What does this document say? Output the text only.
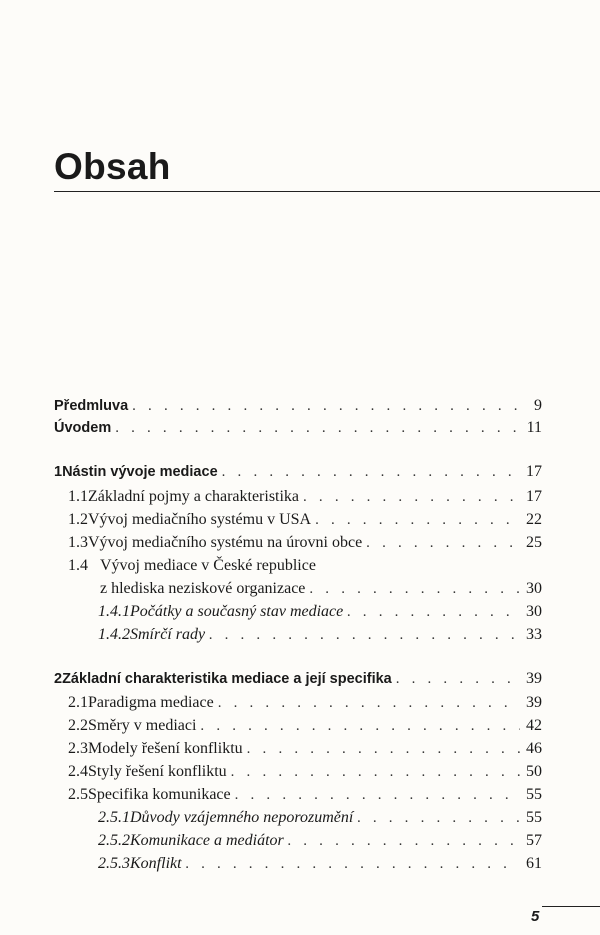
Obsah
Předmluva . . .	9
Úvodem . . .	11
1 Nástin vývoje mediace . . .	17
1.1 Základní pojmy a charakteristika . . .	17
1.2 Vývoj mediačního systému v USA . . .	22
1.3 Vývoj mediačního systému na úrovni obce . . .	25
1.4 Vývoj mediace v České republice
z hlediska neziskové organizace . . .	30
1.4.1 Počátky a současný stav mediace . . .	30
1.4.2 Smírčí rady . . .	33
2 Základní charakteristika mediace a její specifika . . .	39
2.1 Paradigma mediace . . .	39
2.2 Směry v mediaci . . .	42
2.3 Modely řešení konfliktu . . .	46
2.4 Styly řešení konfliktu . . .	50
2.5 Specifika komunikace . . .	55
2.5.1 Důvody vzájemného neporozumění . . .	55
2.5.2 Komunikace a mediátor . . .	57
2.5.3 Konflikt . . .	61
5
